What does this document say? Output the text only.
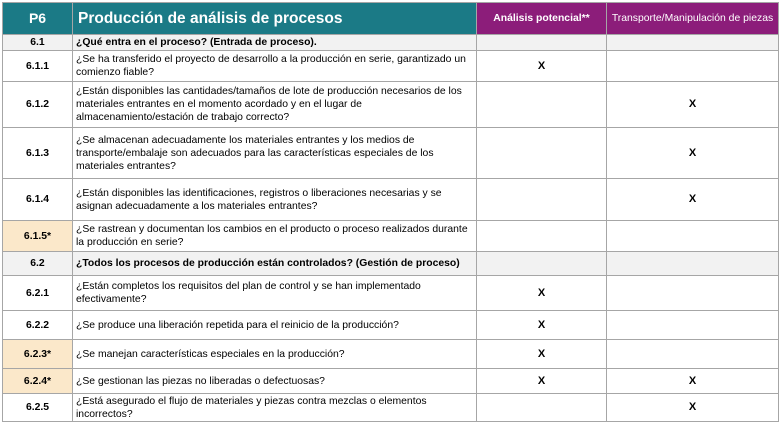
P6	Producción de análisis de procesos	Análisis potencial**	Transporte/Manipulación de piezas
6.1	¿Qué entra en el proceso? (Entrada de proceso).		
6.1.1	¿Se ha transferido el proyecto de desarrollo a la producción en serie, garantizado un comienzo fiable?	X	
6.1.2	¿Están disponibles las cantidades/tamaños de lote de producción necesarios de los materiales entrantes en el momento acordado y en el lugar de almacenamiento/estación de trabajo correcto?		X
6.1.3	¿Se almacenan adecuadamente los materiales entrantes y los medios de transporte/embalaje son adecuados para las características especiales de los materiales entrantes?		X
6.1.4	¿Están disponibles las identificaciones, registros o liberaciones necesarias y se asignan adecuadamente a los materiales entrantes?		X
6.1.5*	¿Se rastrean y documentan los cambios en el producto o proceso realizados durante la producción en serie?		
6.2	¿Todos los procesos de producción están controlados? (Gestión de proceso)		
6.2.1	¿Están completos los requisitos del plan de control y se han implementado efectivamente?	X	
6.2.2	¿Se produce una liberación repetida para el reinicio de la producción?	X	
6.2.3*	¿Se manejan características especiales en la producción?	X	
6.2.4*	¿Se gestionan las piezas no liberadas o defectuosas?	X	X
6.2.5	¿Está asegurado el flujo de materiales y piezas contra mezclas o elementos incorrectos?		X
